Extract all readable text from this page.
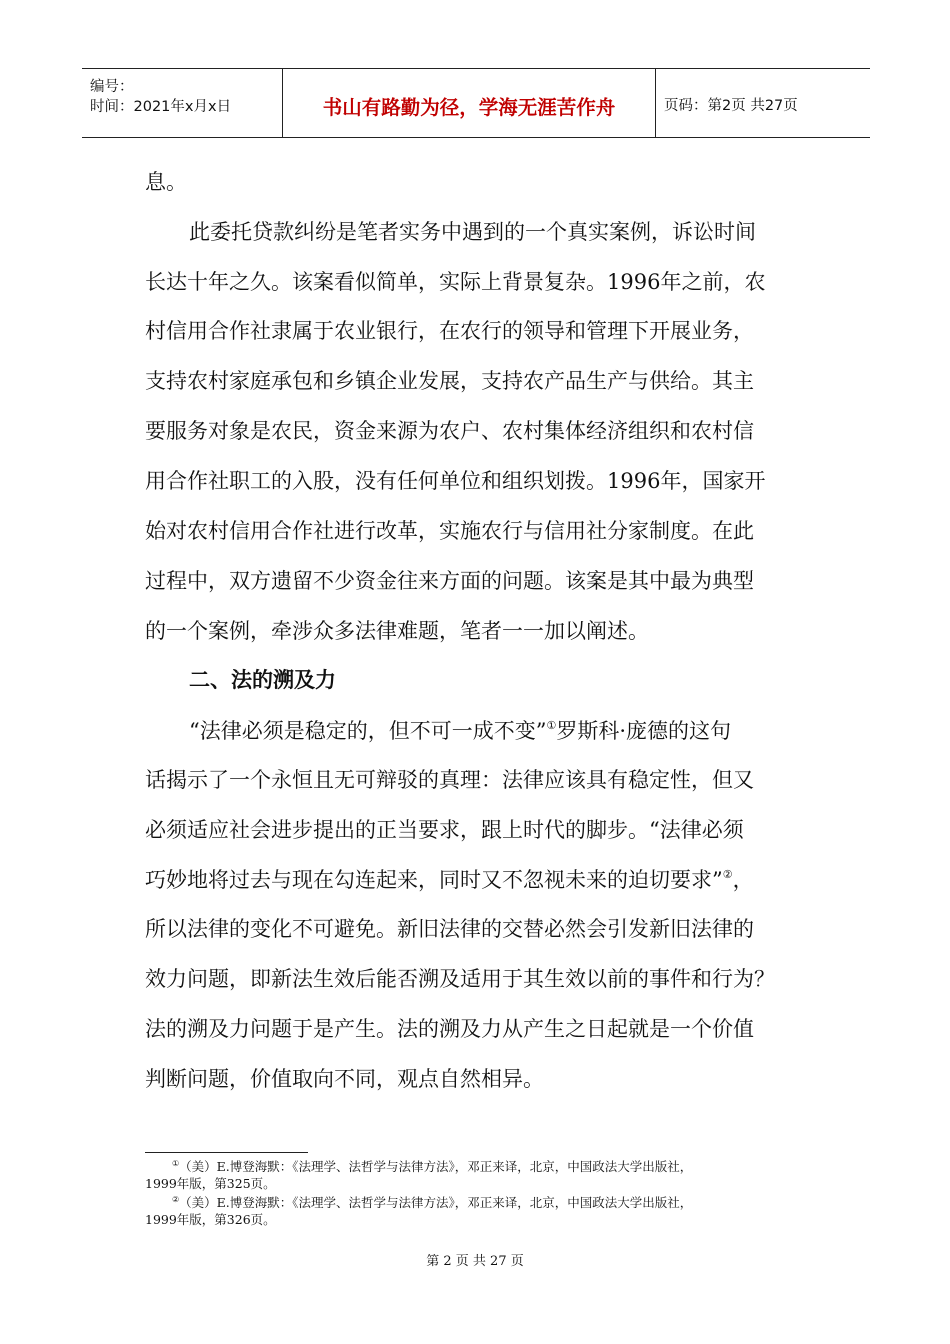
编号：
时间：2021年x月x日	书山有路勤为径，学海无涯苦作舟	页码：第2页 共27页
息。
此委托贷款纠纷是笔者实务中遇到的一个真实案例，诉讼时间
长达十年之久。该案看似简单，实际上背景复杂。1996年之前，农
村信用合作社隶属于农业银行，在农行的领导和管理下开展业务，
支持农村家庭承包和乡镇企业发展，支持农产品生产与供给。其主
要服务对象是农民，资金来源为农户、农村集体经济组织和农村信
用合作社职工的入股，没有任何单位和组织划拨。1996年，国家开
始对农村信用合作社进行改革，实施农行与信用社分家制度。在此
过程中，双方遗留不少资金往来方面的问题。该案是其中最为典型
的一个案例，牵涉众多法律难题，笔者一一加以阐述。
二、法的溯及力
“法律必须是稳定的，但不可一成不变”①罗斯科·庞德的这句
话揭示了一个永恒且无可辩驳的真理：法律应该具有稳定性，但又
必须适应社会进步提出的正当要求，跟上时代的脚步。“法律必须
巧妙地将过去与现在勾连起来，同时又不忽视未来的迫切要求”②，
所以法律的变化不可避免。新旧法律的交替必然会引发新旧法律的
效力问题，即新法生效后能否溯及适用于其生效以前的事件和行为？
法的溯及力问题于是产生。法的溯及力从产生之日起就是一个价值
判断问题，价值取向不同，观点自然相异。
①（美）E.博登海默：《法理学、法哲学与法律方法》，邓正来译，北京，中国政法大学出版社，
1999年版，第325页。
②（美）E.博登海默：《法理学、法哲学与法律方法》，邓正来译，北京，中国政法大学出版社，
1999年版，第326页。
第 2 页 共 27 页
